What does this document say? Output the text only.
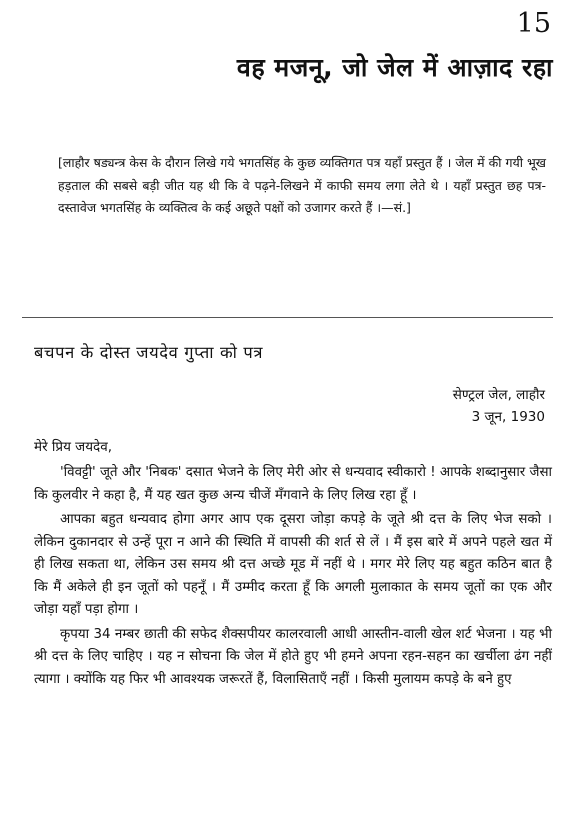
15
वह मजनू, जो जेल में आज़ाद रहा
[लाहौर षड्यन्त्र केस के दौरान लिखे गये भगतसिंह के कुछ व्यक्तिगत पत्र यहाँ प्रस्तुत हैं । जेल में की गयी भूख हड़ताल की सबसे बड़ी जीत यह थी कि वे पढ़ने-लिखने में काफी समय लगा लेते थे । यहाँ प्रस्तुत छह पत्र-दस्तावेज भगतसिंह के व्यक्तित्व के कई अछूते पक्षों को उजागर करते हैं ।—सं.]
बचपन के दोस्त जयदेव गुप्ता को पत्र
सेण्ट्रल जेल, लाहौर
3 जून, 1930
मेरे प्रिय जयदेव,

'विवट्टी' जूते और 'निबक' दसात भेजने के लिए मेरी ओर से धन्यवाद स्वीकारो ! आपके शब्दानुसार जैसा कि कुलवीर ने कहा है, मैं यह खत कुछ अन्य चीजें मँगवाने के लिए लिख रहा हूँ ।

आपका बहुत धन्यवाद होगा अगर आप एक दूसरा जोड़ा कपड़े के जूते श्री दत्त के लिए भेज सको । लेकिन दुकानदार से उन्हें पूरा न आने की स्थिति में वापसी की शर्त से लें । मैं इस बारे में अपने पहले खत में ही लिख सकता था, लेकिन उस समय श्री दत्त अच्छे मूड में नहीं थे । मगर मेरे लिए यह बहुत कठिन बात है कि मैं अकेले ही इन जूतों को पहनूँ । मैं उम्मीद करता हूँ कि अगली मुलाकात के समय जूतों का एक और जोड़ा यहाँ पड़ा होगा ।

कृपया 34 नम्बर छाती की सफेद शैक्सपीयर कालरवाली आधी आस्तीन-वाली खेल शर्ट भेजना । यह भी श्री दत्त के लिए चाहिए । यह न सोचना कि जेल में होते हुए भी हमने अपना रहन-सहन का खर्चीला ढंग नहीं त्यागा । क्योंकि यह फिर भी आवश्यक जरूरतें हैं, विलासिताएँ नहीं । किसी मुलायम कपड़े के बने हुए
